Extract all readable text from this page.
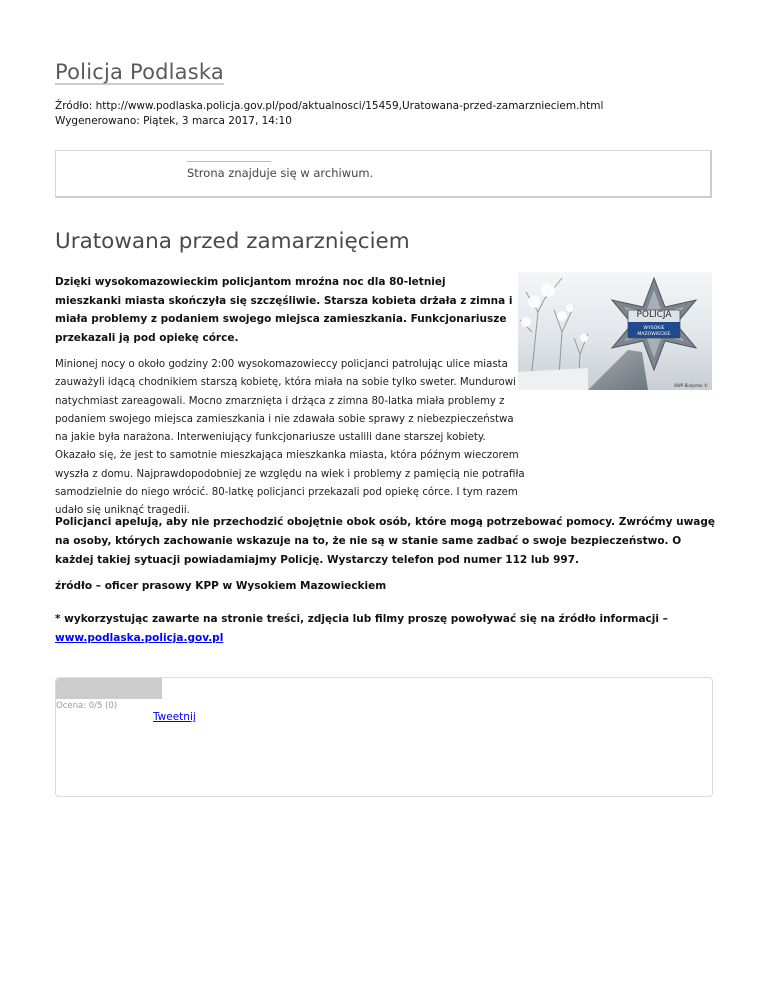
Policja Podlaska
Źródło: http://www.podlaska.policja.gov.pl/pod/aktualnosci/15459,Uratowana-przed-zamarznieciem.html
Wygenerowano: Piątek, 3 marca 2017, 14:10
Strona znajduje się w archiwum.
Uratowana przed zamarznięciem

Dzięki wysokomazowieckim policjantom mroźna noc dla 80-letniej mieszkanki miasta skończyła się szczęśliwie. Starsza kobieta drżała z zimna i miała problemy z podaniem swojego miejsca zamieszkania. Funkcjonariusze przekazali ją pod opiekę córce.

POLICJA
WYSOKIE
MAZOWIECKIE
KWP Białystok ©

Minionej nocy o około godziny 2:00 wysokomazowieccy policjanci patrolując ulice miasta zauważyli idącą chodnikiem starszą kobietę, która miała na sobie tylko sweter. Mundurowi natychmiast zareagowali. Mocno zmarznięta i drżąca z zimna 80-latka miała problemy z podaniem swojego miejsca zamieszkania i nie zdawała sobie sprawy z niebezpieczeństwa na jakie była narażona. Interweniujący funkcjonariusze ustalili dane starszej kobiety. Okazało się, że jest to samotnie mieszkająca mieszkanka miasta, która późnym wieczorem wyszła z domu. Najprawdopodobniej ze względu na wiek i problemy z pamięcią nie potrafiła samodzielnie do niego wrócić. 80-latkę policjanci przekazali pod opiekę córce. I tym razem udało się uniknąć tragedii.

Policjanci apelują, aby nie przechodzić obojętnie obok osób, które mogą potrzebować pomocy. Zwróćmy uwagę na osoby, których zachowanie wskazuje na to, że nie są w stanie same zadbać o swoje bezpieczeństwo. O każdej takiej sytuacji powiadamiajmy Policję. Wystarczy telefon pod numer 112 lub 997.

źródło – oficer prasowy KPP w Wysokiem Mazowieckiem

* wykorzystując zawarte na stronie treści, zdjęcia lub filmy proszę powoływać się na źródło informacji –
www.podlaska.policja.gov.pl

Ocena: 0/5 (0)
Tweetnij
